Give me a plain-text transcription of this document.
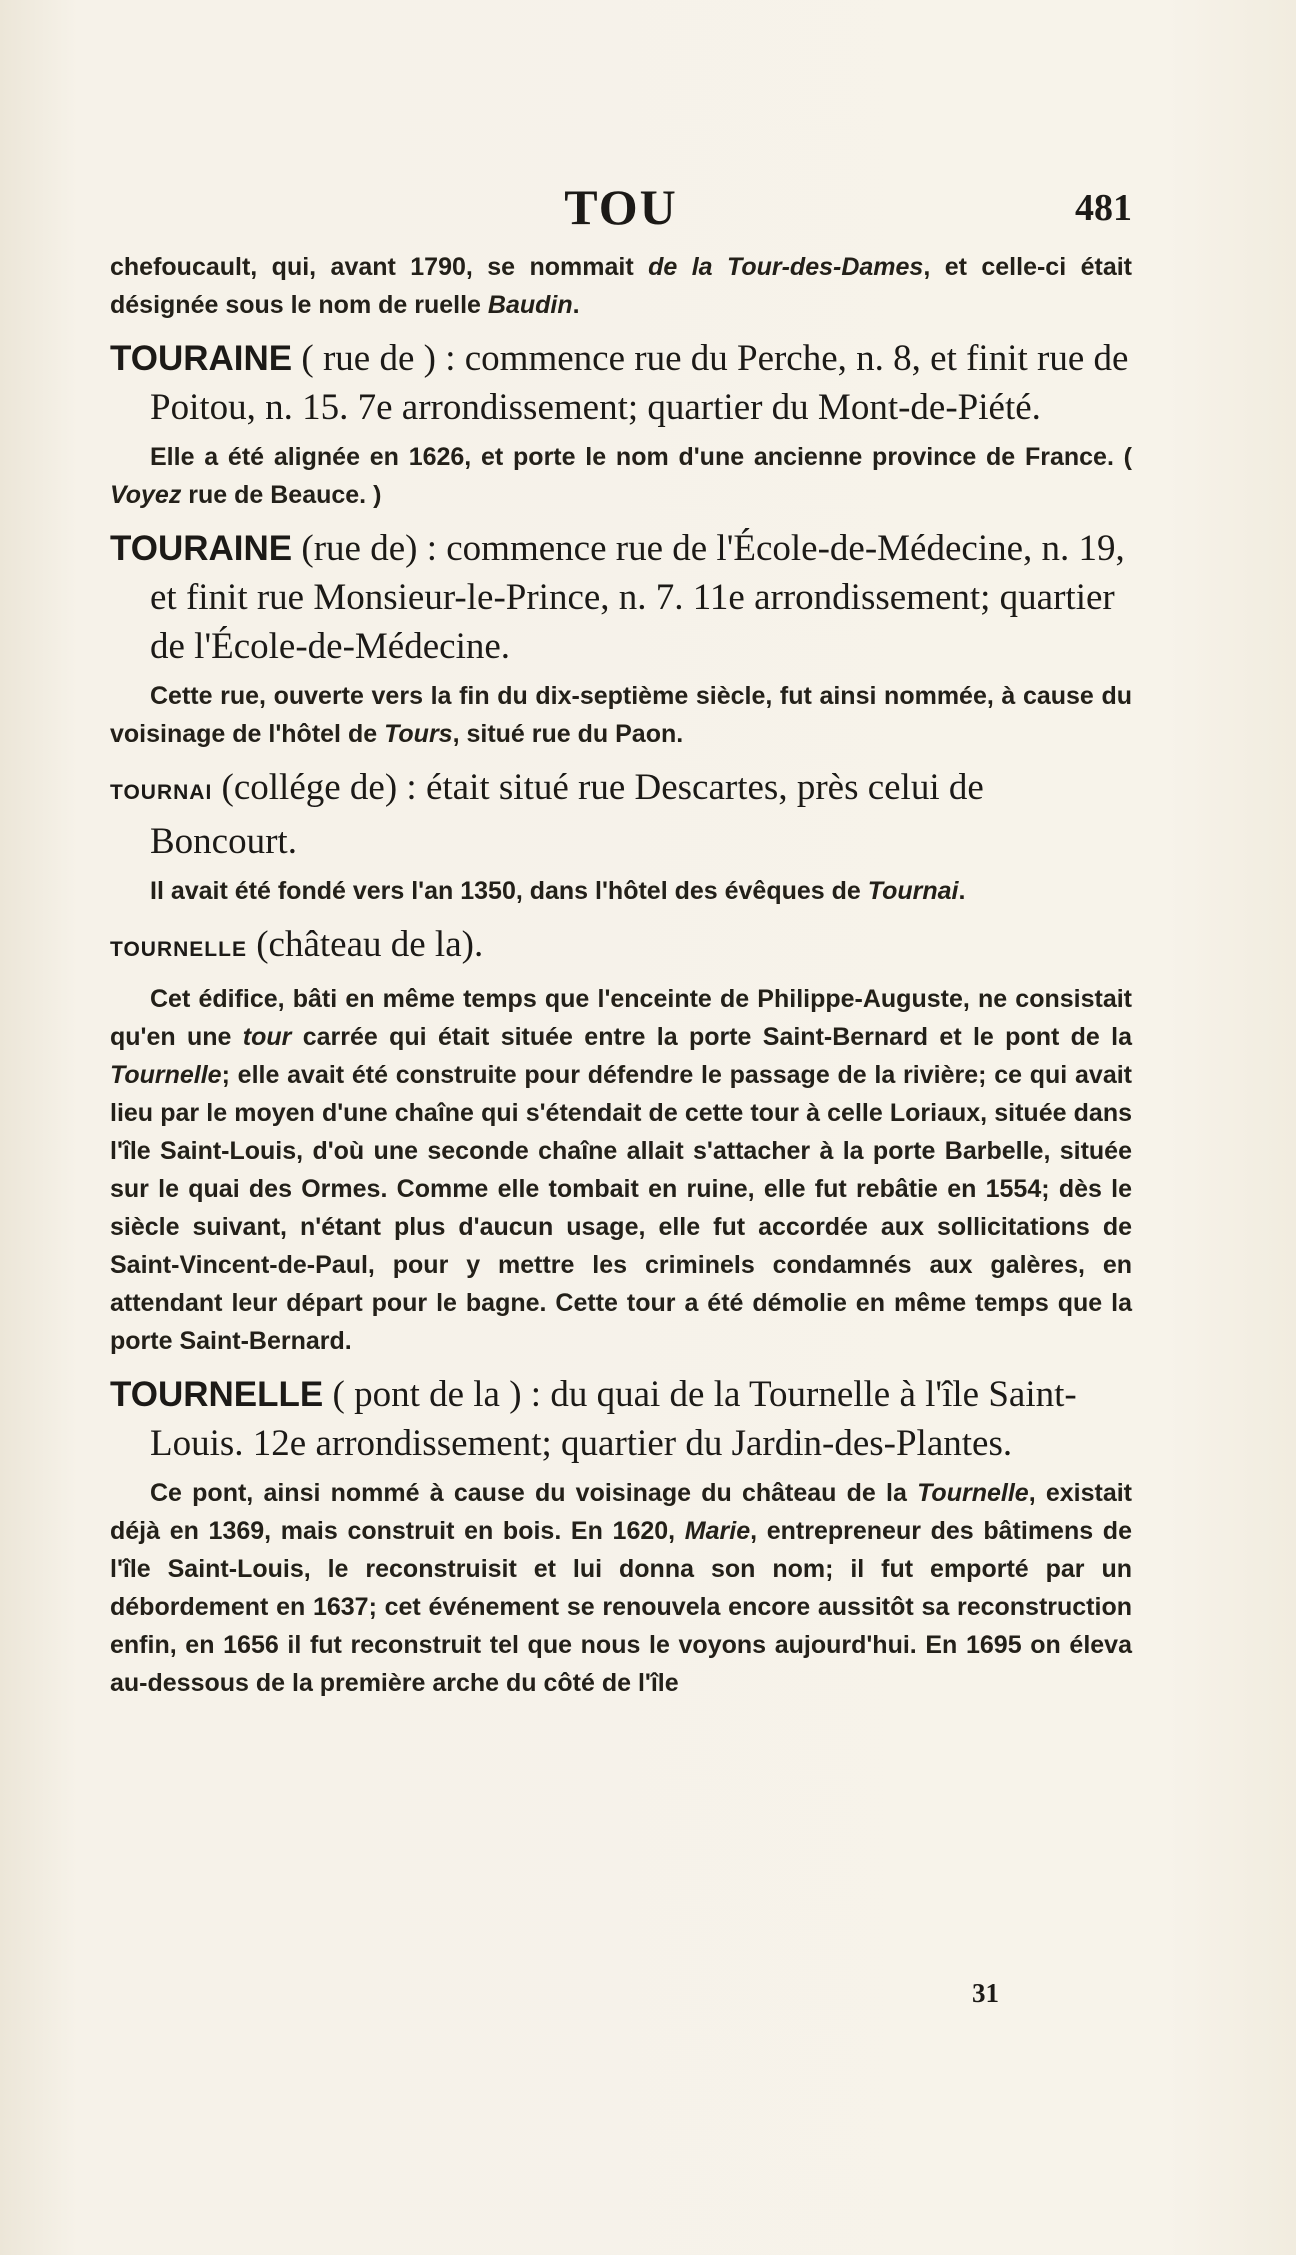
TOU	481

chefoucault, qui, avant 1790, se nommait de la Tour-des-Dames, et celle-ci était désignée sous le nom de ruelle Baudin.

TOURAINE ( rue de ) : commence rue du Perche, n. 8, et finit rue de Poitou, n. 15. 7e arrondissement; quartier du Mont-de-Piété.

Elle a été alignée en 1626, et porte le nom d'une ancienne province de France. ( Voyez rue de Beauce. )

TOURAINE (rue de) : commence rue de l'École-de-Médecine, n. 19, et finit rue Monsieur-le-Prince, n. 7. 11e arrondissement; quartier de l'École-de-Médecine.

Cette rue, ouverte vers la fin du dix-septième siècle, fut ainsi nommée, à cause du voisinage de l'hôtel de Tours, situé rue du Paon.

TOURNAI (collége de) : était situé rue Descartes, près celui de Boncourt.

Il avait été fondé vers l'an 1350, dans l'hôtel des évêques de Tournai.

TOURNELLE (château de la).

Cet édifice, bâti en même temps que l'enceinte de Philippe-Auguste, ne consistait qu'en une tour carrée qui était située entre la porte Saint-Bernard et le pont de la Tournelle; elle avait été construite pour défendre le passage de la rivière; ce qui avait lieu par le moyen d'une chaîne qui s'étendait de cette tour à celle Loriaux, située dans l'île Saint-Louis, d'où une seconde chaîne allait s'attacher à la porte Barbelle, située sur le quai des Ormes. Comme elle tombait en ruine, elle fut rebâtie en 1554; dès le siècle suivant, n'étant plus d'aucun usage, elle fut accordée aux sollicitations de Saint-Vincent-de-Paul, pour y mettre les criminels condamnés aux galères, en attendant leur départ pour le bagne. Cette tour a été démolie en même temps que la porte Saint-Bernard.

TOURNELLE ( pont de la ) : du quai de la Tournelle à l'île Saint-Louis. 12e arrondissement; quartier du Jardin-des-Plantes.

Ce pont, ainsi nommé à cause du voisinage du château de la Tournelle, existait déjà en 1369, mais construit en bois. En 1620, Marie, entrepreneur des bâtimens de l'île Saint-Louis, le reconstruisit et lui donna son nom; il fut emporté par un débordement en 1637; cet événement se renouvela encore aussitôt sa reconstruction enfin, en 1656 il fut reconstruit tel que nous le voyons aujourd'hui. En 1695 on éleva au-dessous de la première arche du côté de l'île

31
